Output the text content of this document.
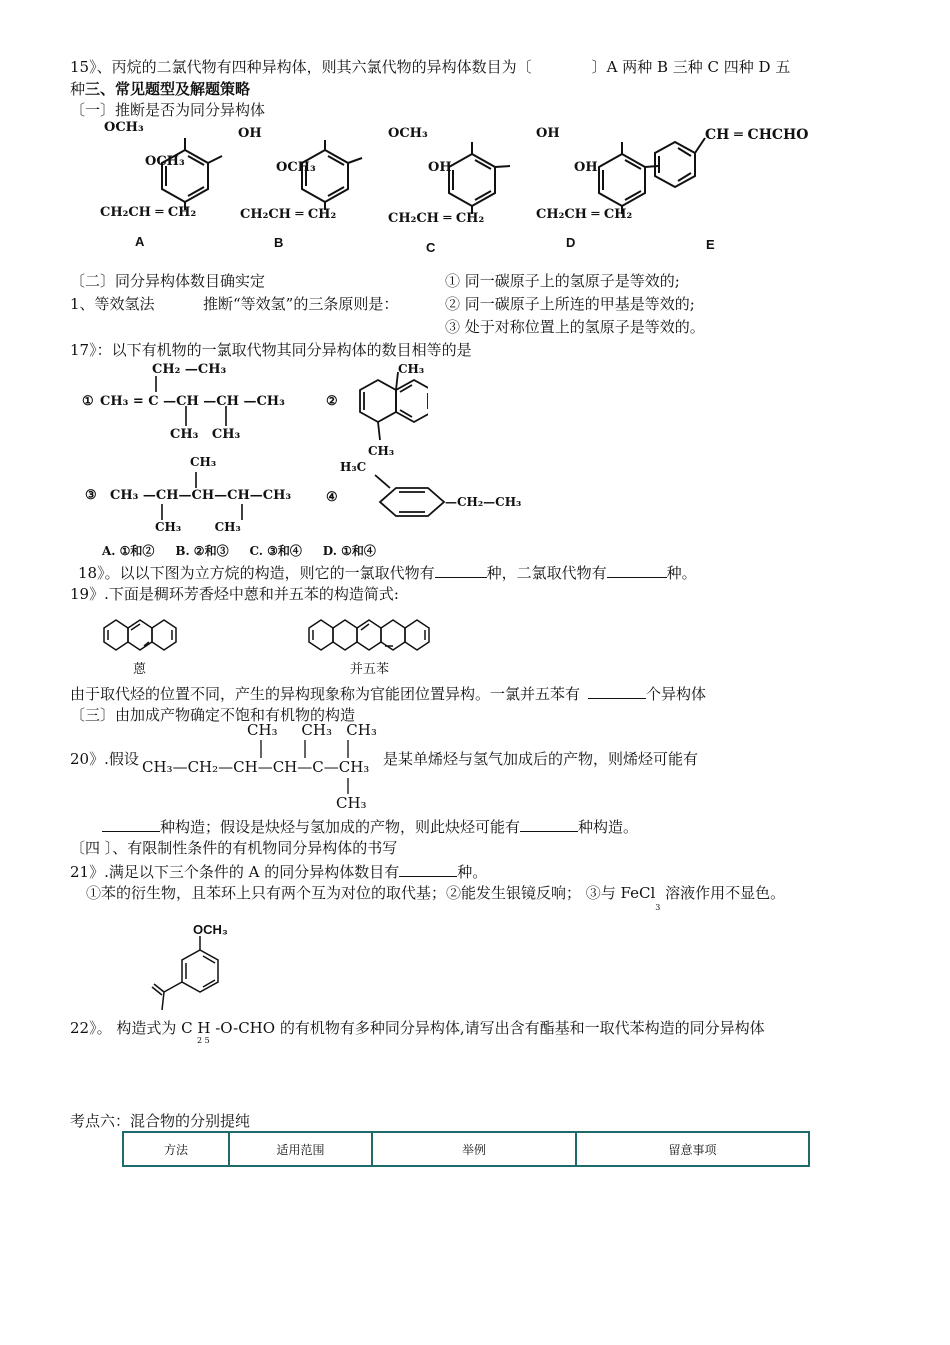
15》、丙烷的二氯代物有四种异构体，则其六氯代物的异构体数目为〔	〕A 两种 B 三种 C 四种 D 五
种三、常见题型及解题策略
〔一〕推断是否为同分异构体
OCH₃
OCH₃
CH₂CH ═ CH₂
A
OH
OCH₃
CH₂CH ═ CH₂
B
OCH₃
OH
CH₂CH ═ CH₂
C
OH
OH
CH₂CH ═ CH₂
D
CH ═ CHCHO
E
〔二〕同分异构体数目确实定	① 同一碳原子上的氢原子是等效的;
1、等效氢法	推断“等效氢”的三条原则是：	② 同一碳原子上所连的甲基是等效的;
③ 处于对称位置上的氢原子是等效的。
17》：以下有机物的一氯取代物其同分异构体的数目相等的是
CH₂ —CH₃
① CH₃ = C —CH —CH —CH₃
CH₃   CH₃
②
CH₃
CH₃
CH₃
③ CH₃ —CH—CH—CH—CH₃
CH₃        CH₃
④
H₃C
—CH₂—CH₃
A. ①和②     B. ②和③     C. ③和④     D. ①和④
18》。以以下图为立方烷的构造，则它的一氯取代物有	种，二氯取代物有	种。
19》.下面是稠环芳香烃中蒽和并五苯的构造简式:
蒽	并五苯
由于取代烃的位置不同，产生的异构现象称为官能团位置异构。一氯并五苯有	个异构体
〔三〕由加成产物确定不饱和有机物的构造
CH₃     CH₃   CH₃
20》.假设 CH₃—CH₂—CH—CH—C—CH₃
CH₃
是某单烯烃与氢气加成后的产物，则烯烃可能有
种构造；假设是炔烃与氢加成的产物，则此炔烃可能有	种构造。
〔四 〕、有限制性条件的有机物同分异构体的书写
21》.满足以下三个条件的 A 的同分异构体数目有	种。
①苯的衍生物，且苯环上只有两个互为对位的取代基；②能发生银镜反响； ③与 FeCl$_3$ 溶液作用不显色。
OCH₃
22》。 构造式为 C H -O-CHO 的有机物有多种同分异构体,请写出含有酯基和一取代苯构造的同分异构体
2 5
考点六：混合物的分别提纯
方法	适用范围	举例	留意事项
